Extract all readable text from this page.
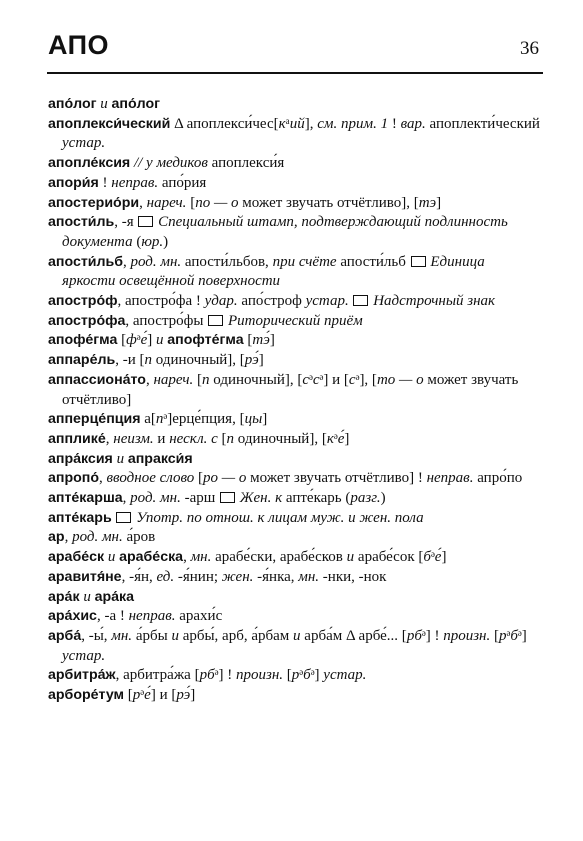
АПО	36
апо́лог и апо́лог
апоплекси́ческий Δ апоплекси́чес[кᵃий], см. прим. 1 ! вар. апоплекти́ческий устар.
апопле́ксия // у медиков апоплекси́я
апори́я ! неправ. апо́рия
апостерио́ри, нареч. [по — о может звучать отчётливо], [тэ]
апости́ль, -я  Специальный штамп, подтверждающий подлинность документа (юр.)
апости́льб, род. мн. апости́льбов, при счёте апости́льб  Единица яркости освещённой поверхности
апостро́ф, апостро́фа ! удар. апо́строф устар.  Надстрочный знак
апостро́фа, апостро́фы  Риторический приём
апофе́гма [фᵊе́] и апофте́гма [тэ́]
аппаре́ль, -и [п одиночный], [рэ́]
аппассиона́то, нареч. [п одиночный], [сᵊсᵊ] и [сᵊ], [то — о может звучать отчётливо]
апперце́пция а[пᵊ]ерце́пция, [цы]
апплике́, неизм. и нескл. с [п одиночный], [кᵊе́]
апра́ксия и апракси́я
апропо́, вводное слово [ро — о может звучать отчётливо] ! неправ. апро́по
апте́карша, род. мн. -арш  Жен. к апте́карь (разг.)
апте́карь  Употр. по отнош. к лицам муж. и жен. пола
ар, род. мн. а́ров
арабе́ск и арабе́ска, мн. арабе́ски, арабе́сков и арабе́сок [бᵊе́]
аравитя́не, -я́н, ед. -я́нин; жен. -я́нка, мн. -нки, -нок
ара́к и ара́ка
ара́хис, -а ! неправ. арахи́с
арба́, -ы́, мн. а́рбы и арбы́, арб, а́рбам и арба́м Δ арбе́... [рбᵊ] ! произн. [рᵊбᵊ] устар.
арбитра́ж, арбитра́жа [рбᵊ] ! произн. [рᵊбᵊ] устар.
арборе́тум [рᵊе́] и [рэ́]
